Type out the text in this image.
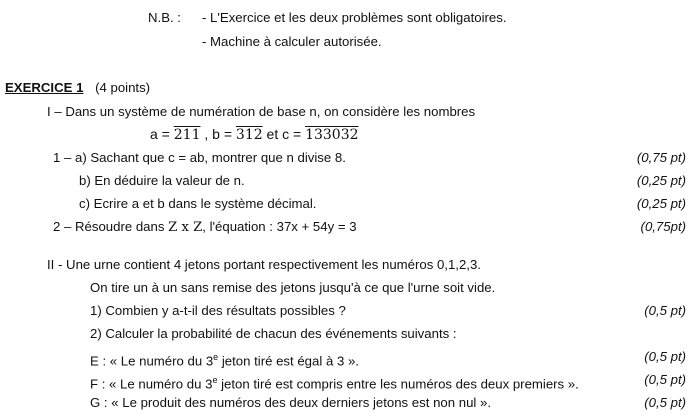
N.B. : - L'Exercice et les deux problèmes sont obligatoires.
- Machine à calculer autorisée.
EXERCICE 1 (4 points)
I – Dans un système de numération de base n, on considère les nombres
a = 211 , b = 312 et c = 133032
1 – a) Sachant que c = ab, montrer que n divise 8.	(0,75 pt)
b) En déduire la valeur de n.	(0,25 pt)
c) Ecrire a et b dans le système décimal.	(0,25 pt)
2 – Résoudre dans Z x Z, l'équation : 37x + 54y = 3	(0,75pt)
II - Une urne contient 4 jetons portant respectivement les numéros 0,1,2,3.
On tire un à un sans remise des jetons jusqu'à ce que l'urne soit vide.
1) Combien y a-t-il des résultats possibles ?	(0,5 pt)
2) Calculer la probabilité de chacun des événements suivants :
E : « Le numéro du 3e jeton tiré est égal à 3 ».	(0,5 pt)
F : « Le numéro du 3e jeton tiré est compris entre les numéros des deux premiers ».	(0,5 pt)
G : « Le produit des numéros des deux derniers jetons est non nul ».	(0,5 pt)
